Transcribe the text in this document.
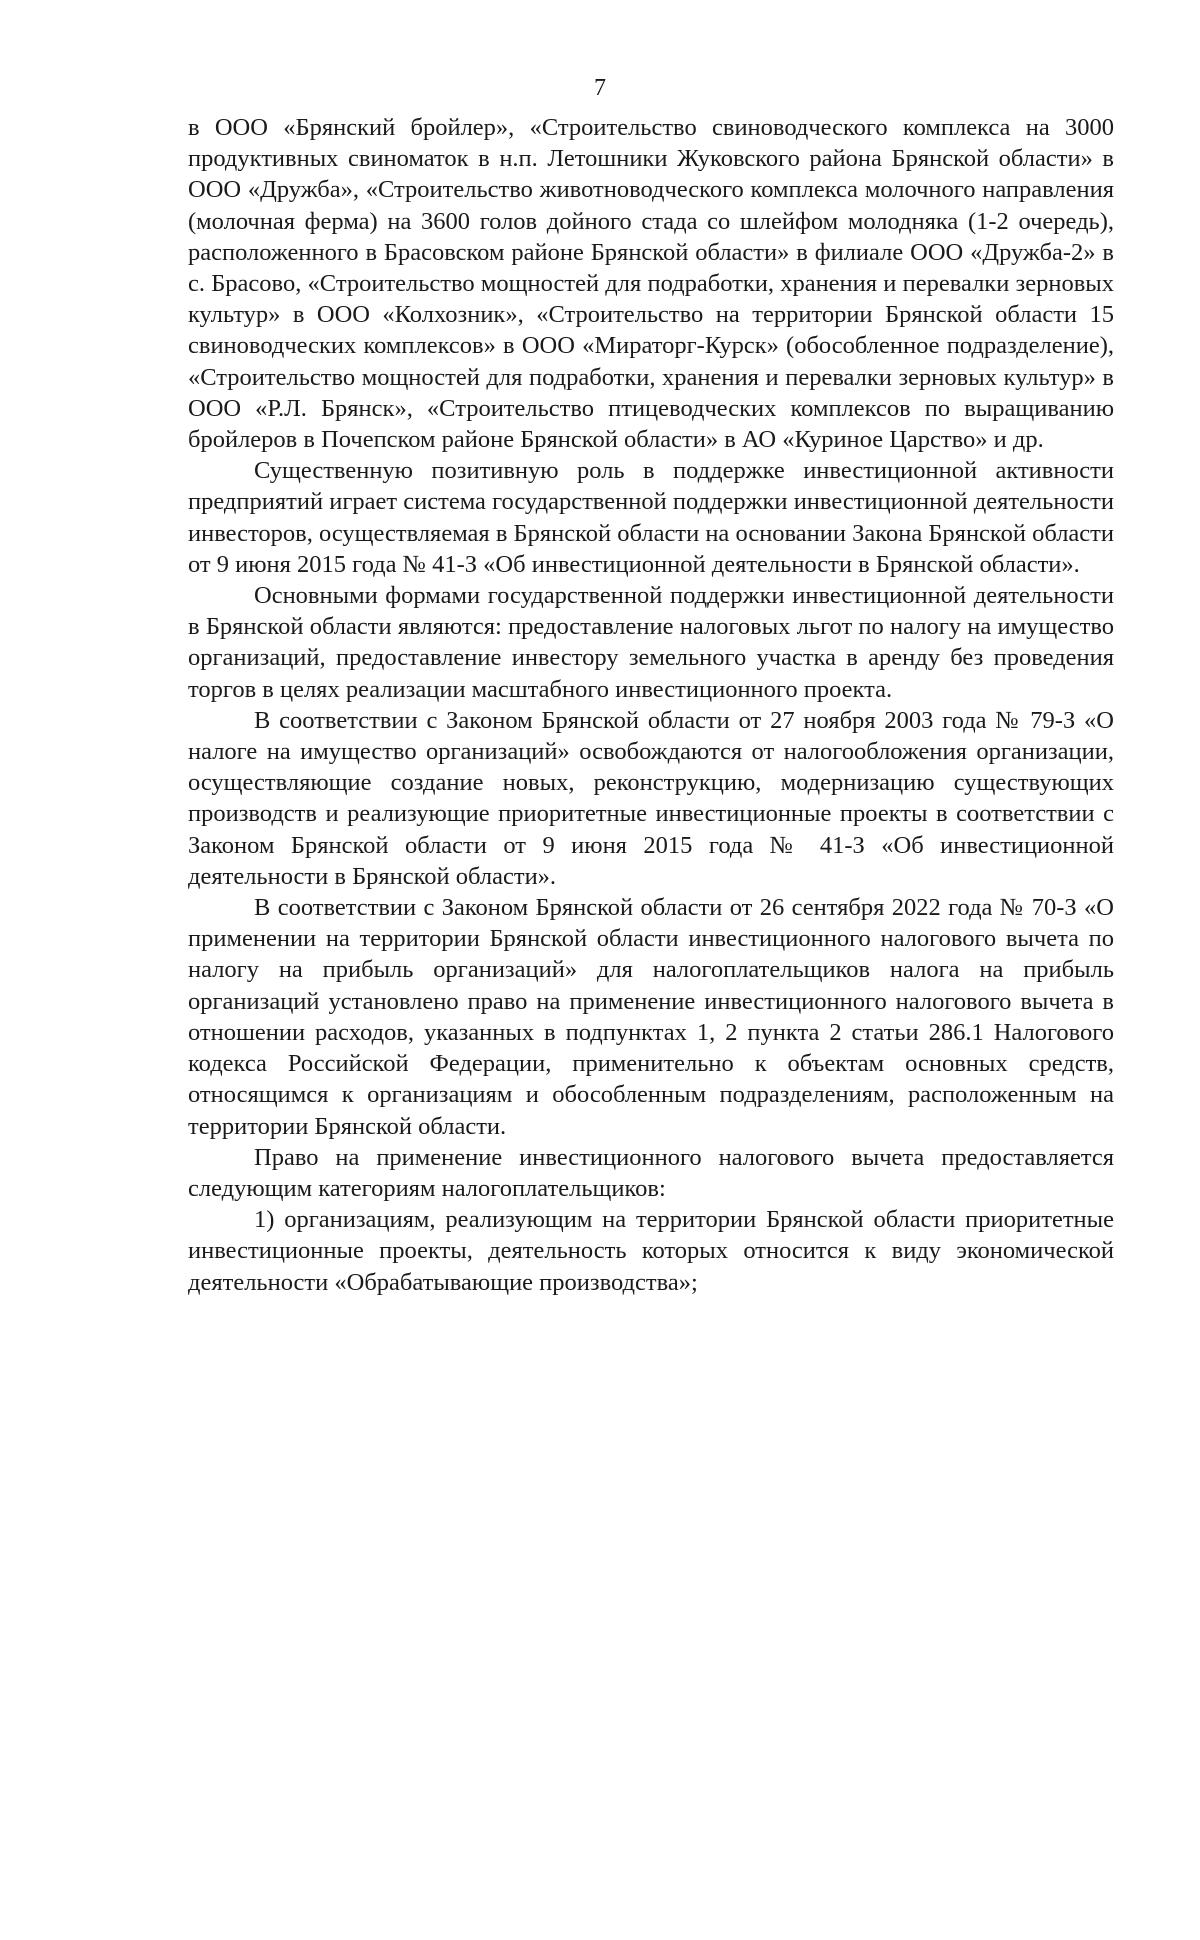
7

в ООО «Брянский бройлер», «Строительство свиноводческого комплекса на 3000 продуктивных свиноматок в н.п. Летошники Жуковского района Брянской области» в ООО «Дружба», «Строительство животноводческого комплекса молочного направления (молочная ферма) на 3600 голов дойного стада со шлейфом молодняка (1-2 очередь), расположенного в Брасовском районе Брянской области» в филиале ООО «Дружба-2» в с. Брасово, «Строительство мощностей для подработки, хранения и перевалки зерновых культур» в ООО «Колхозник», «Строительство на территории Брянской области 15 свиноводческих комплексов» в ООО «Мираторг-Курск» (обособленное подразделение), «Строительство мощностей для подработки, хранения и перевалки зерновых культур» в ООО «Р.Л. Брянск», «Строительство птицеводческих комплексов по выращиванию бройлеров в Почепском районе Брянской области» в АО «Куриное Царство» и др.

Существенную позитивную роль в поддержке инвестиционной активности предприятий играет система государственной поддержки инвестиционной деятельности инвесторов, осуществляемая в Брянской области на основании Закона Брянской области от 9 июня 2015 года № 41-З «Об инвестиционной деятельности в Брянской области».

Основными формами государственной поддержки инвестиционной деятельности в Брянской области являются: предоставление налоговых льгот по налогу на имущество организаций, предоставление инвестору земельного участка в аренду без проведения торгов в целях реализации масштабного инвестиционного проекта.

В соответствии с Законом Брянской области от 27 ноября 2003 года № 79-З «О налоге на имущество организаций» освобождаются от налогообложения организации, осуществляющие создание новых, реконструкцию, модернизацию существующих производств и реализующие приоритетные инвестиционные проекты в соответствии с Законом Брянской области от 9 июня 2015 года № 41-З «Об инвестиционной деятельности в Брянской области».

В соответствии с Законом Брянской области от 26 сентября 2022 года № 70-З «О применении на территории Брянской области инвестиционного налогового вычета по налогу на прибыль организаций» для налогоплательщиков налога на прибыль организаций установлено право на применение инвестиционного налогового вычета в отношении расходов, указанных в подпунктах 1, 2 пункта 2 статьи 286.1 Налогового кодекса Российской Федерации, применительно к объектам основных средств, относящимся к организациям и обособленным подразделениям, расположенным на территории Брянской области.

Право на применение инвестиционного налогового вычета предоставляется следующим категориям налогоплательщиков:

1) организациям, реализующим на территории Брянской области приоритетные инвестиционные проекты, деятельность которых относится к виду экономической деятельности «Обрабатывающие производства»;
